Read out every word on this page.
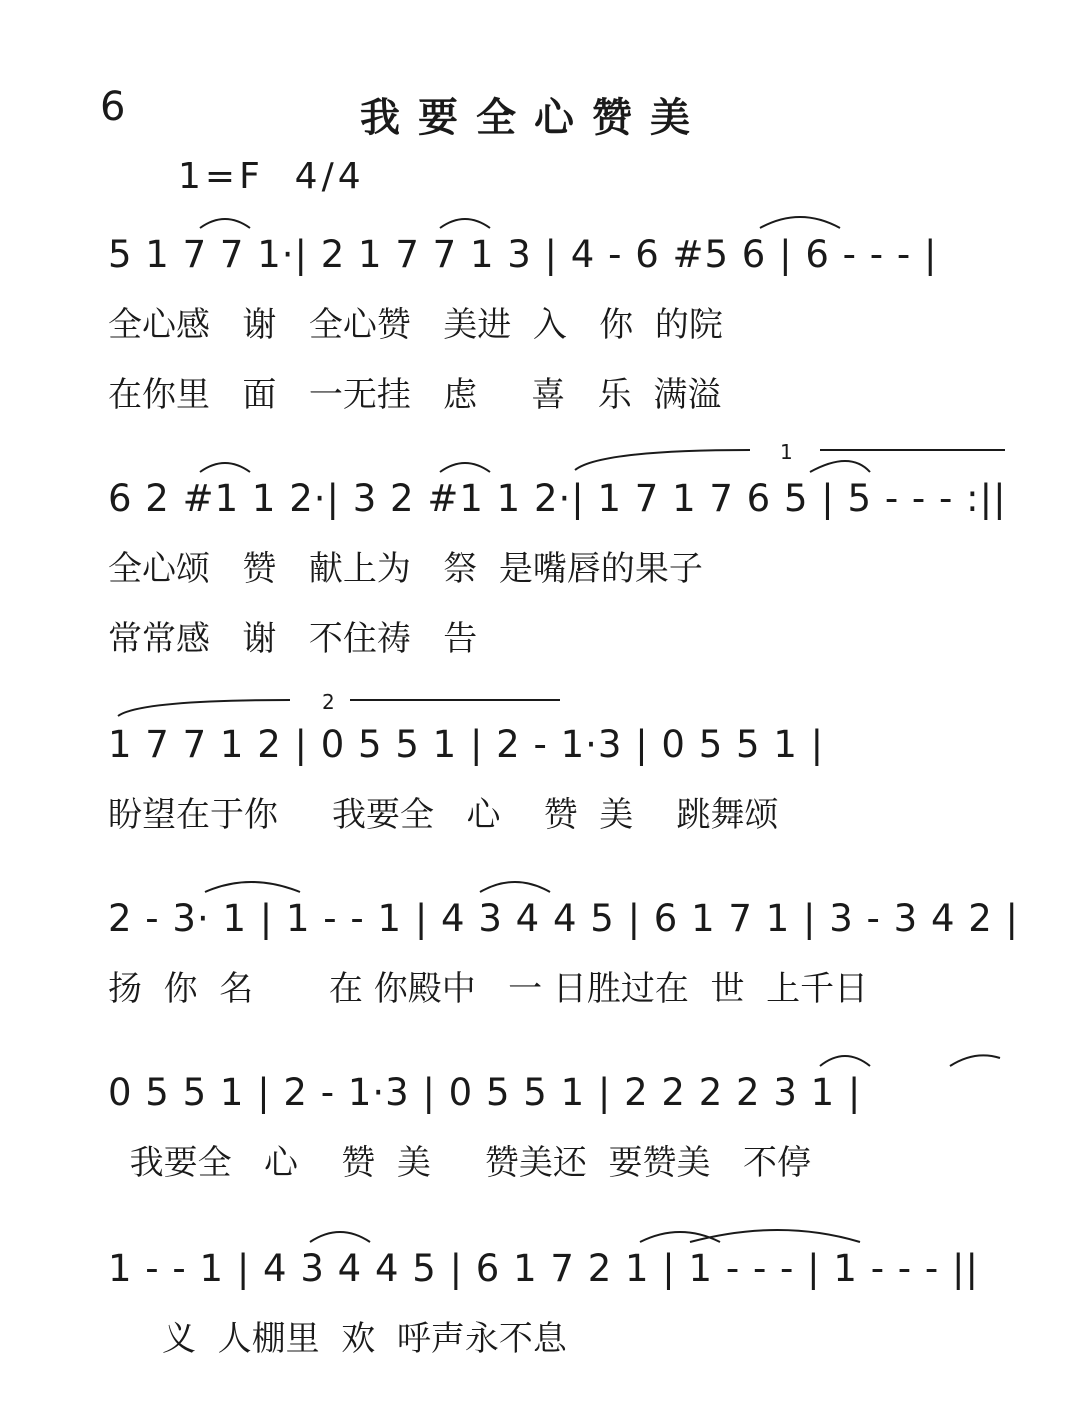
6	我要全心赞美
1=F  4/4
5 1 7 7 1·| 2 1 7 7 1 3 | 4 - 6 #5 6 | 6 - - - |
全心感   谢   全心赞   美进  入   你  的院
在你里   面   一无挂   虑     喜   乐  满溢
1
6 2 #1 1 2·| 3 2 #1 1 2·| 1 7 1 7 6 5 | 5 - - - :||
全心颂   赞   献上为   祭  是嘴唇的果子
常常感   谢   不住祷   告
2
1 7 7 1 2 | 0 5 5 1 | 2 - 1·3 | 0 5 5 1 |
盼望在于你     我要全   心    赞  美    跳舞颂
2 - 3· 1 | 1 - - 1 | 4 3 4 4 5 | 6 1 7 1 | 3 - 3 4 2 |
扬  你  名       在 你殿中   一 日胜过在  世  上千日
0 5 5 1 | 2 - 1·3 | 0 5 5 1 | 2 2 2 2 3 1 |
我要全   心    赞  美     赞美还  要赞美   不停
1 - - 1 | 4 3 4 4 5 | 6 1 7 2 1 | 1 - - - | 1 - - - ||
义  人棚里  欢  呼声永不息
